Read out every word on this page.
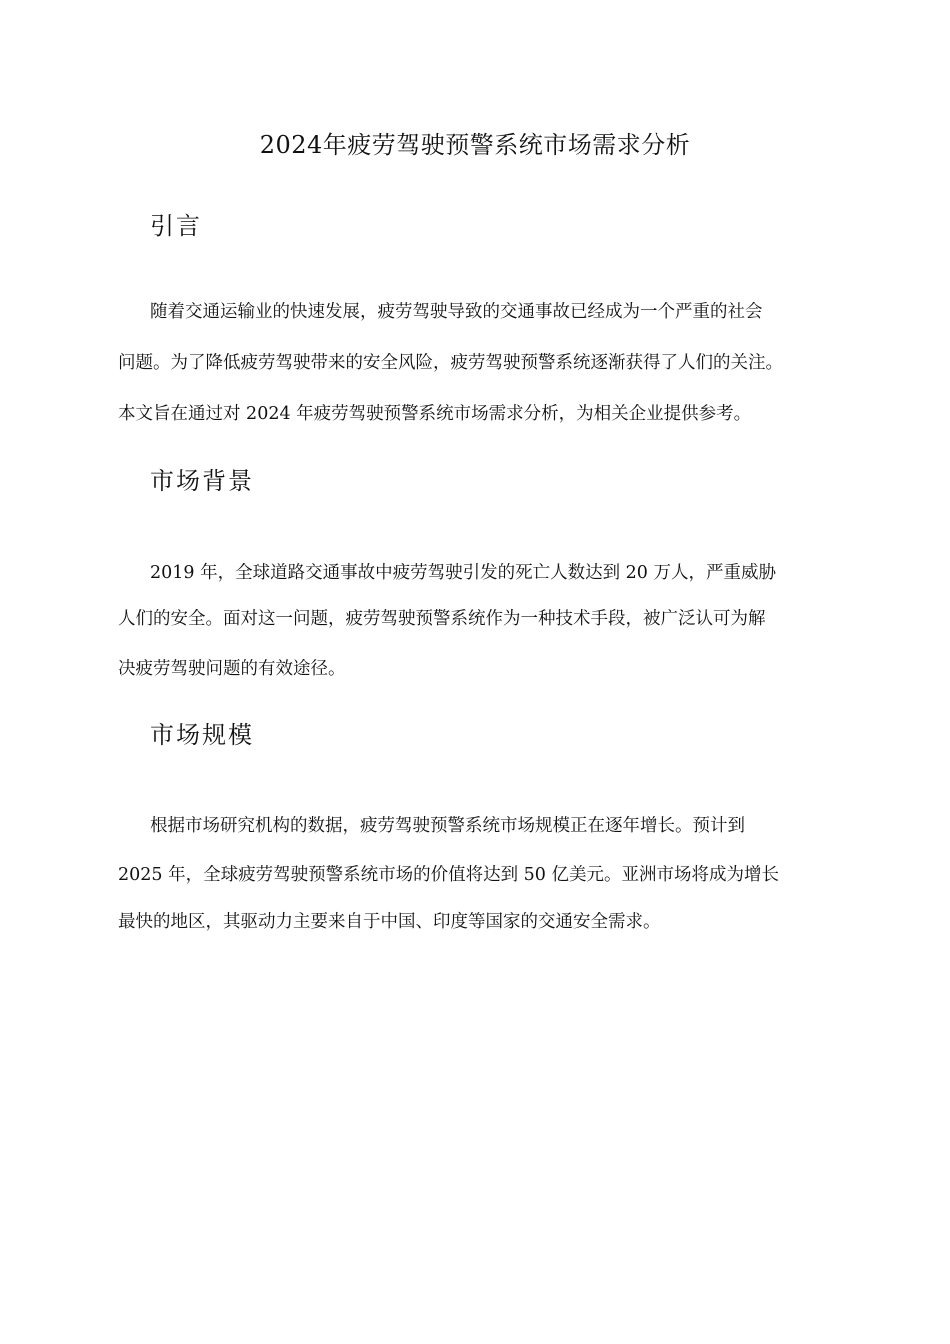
2024年疲劳驾驶预警系统市场需求分析
引言
随着交通运输业的快速发展，疲劳驾驶导致的交通事故已经成为一个严重的社会
问题。为了降低疲劳驾驶带来的安全风险，疲劳驾驶预警系统逐渐获得了人们的关注。
本文旨在通过对 2024 年疲劳驾驶预警系统市场需求分析，为相关企业提供参考。
市场背景
2019 年，全球道路交通事故中疲劳驾驶引发的死亡人数达到 20 万人，严重威胁
人们的安全。面对这一问题，疲劳驾驶预警系统作为一种技术手段，被广泛认可为解
决疲劳驾驶问题的有效途径。
市场规模
根据市场研究机构的数据，疲劳驾驶预警系统市场规模正在逐年增长。预计到
2025 年，全球疲劳驾驶预警系统市场的价值将达到 50 亿美元。亚洲市场将成为增长
最快的地区，其驱动力主要来自于中国、印度等国家的交通安全需求。
